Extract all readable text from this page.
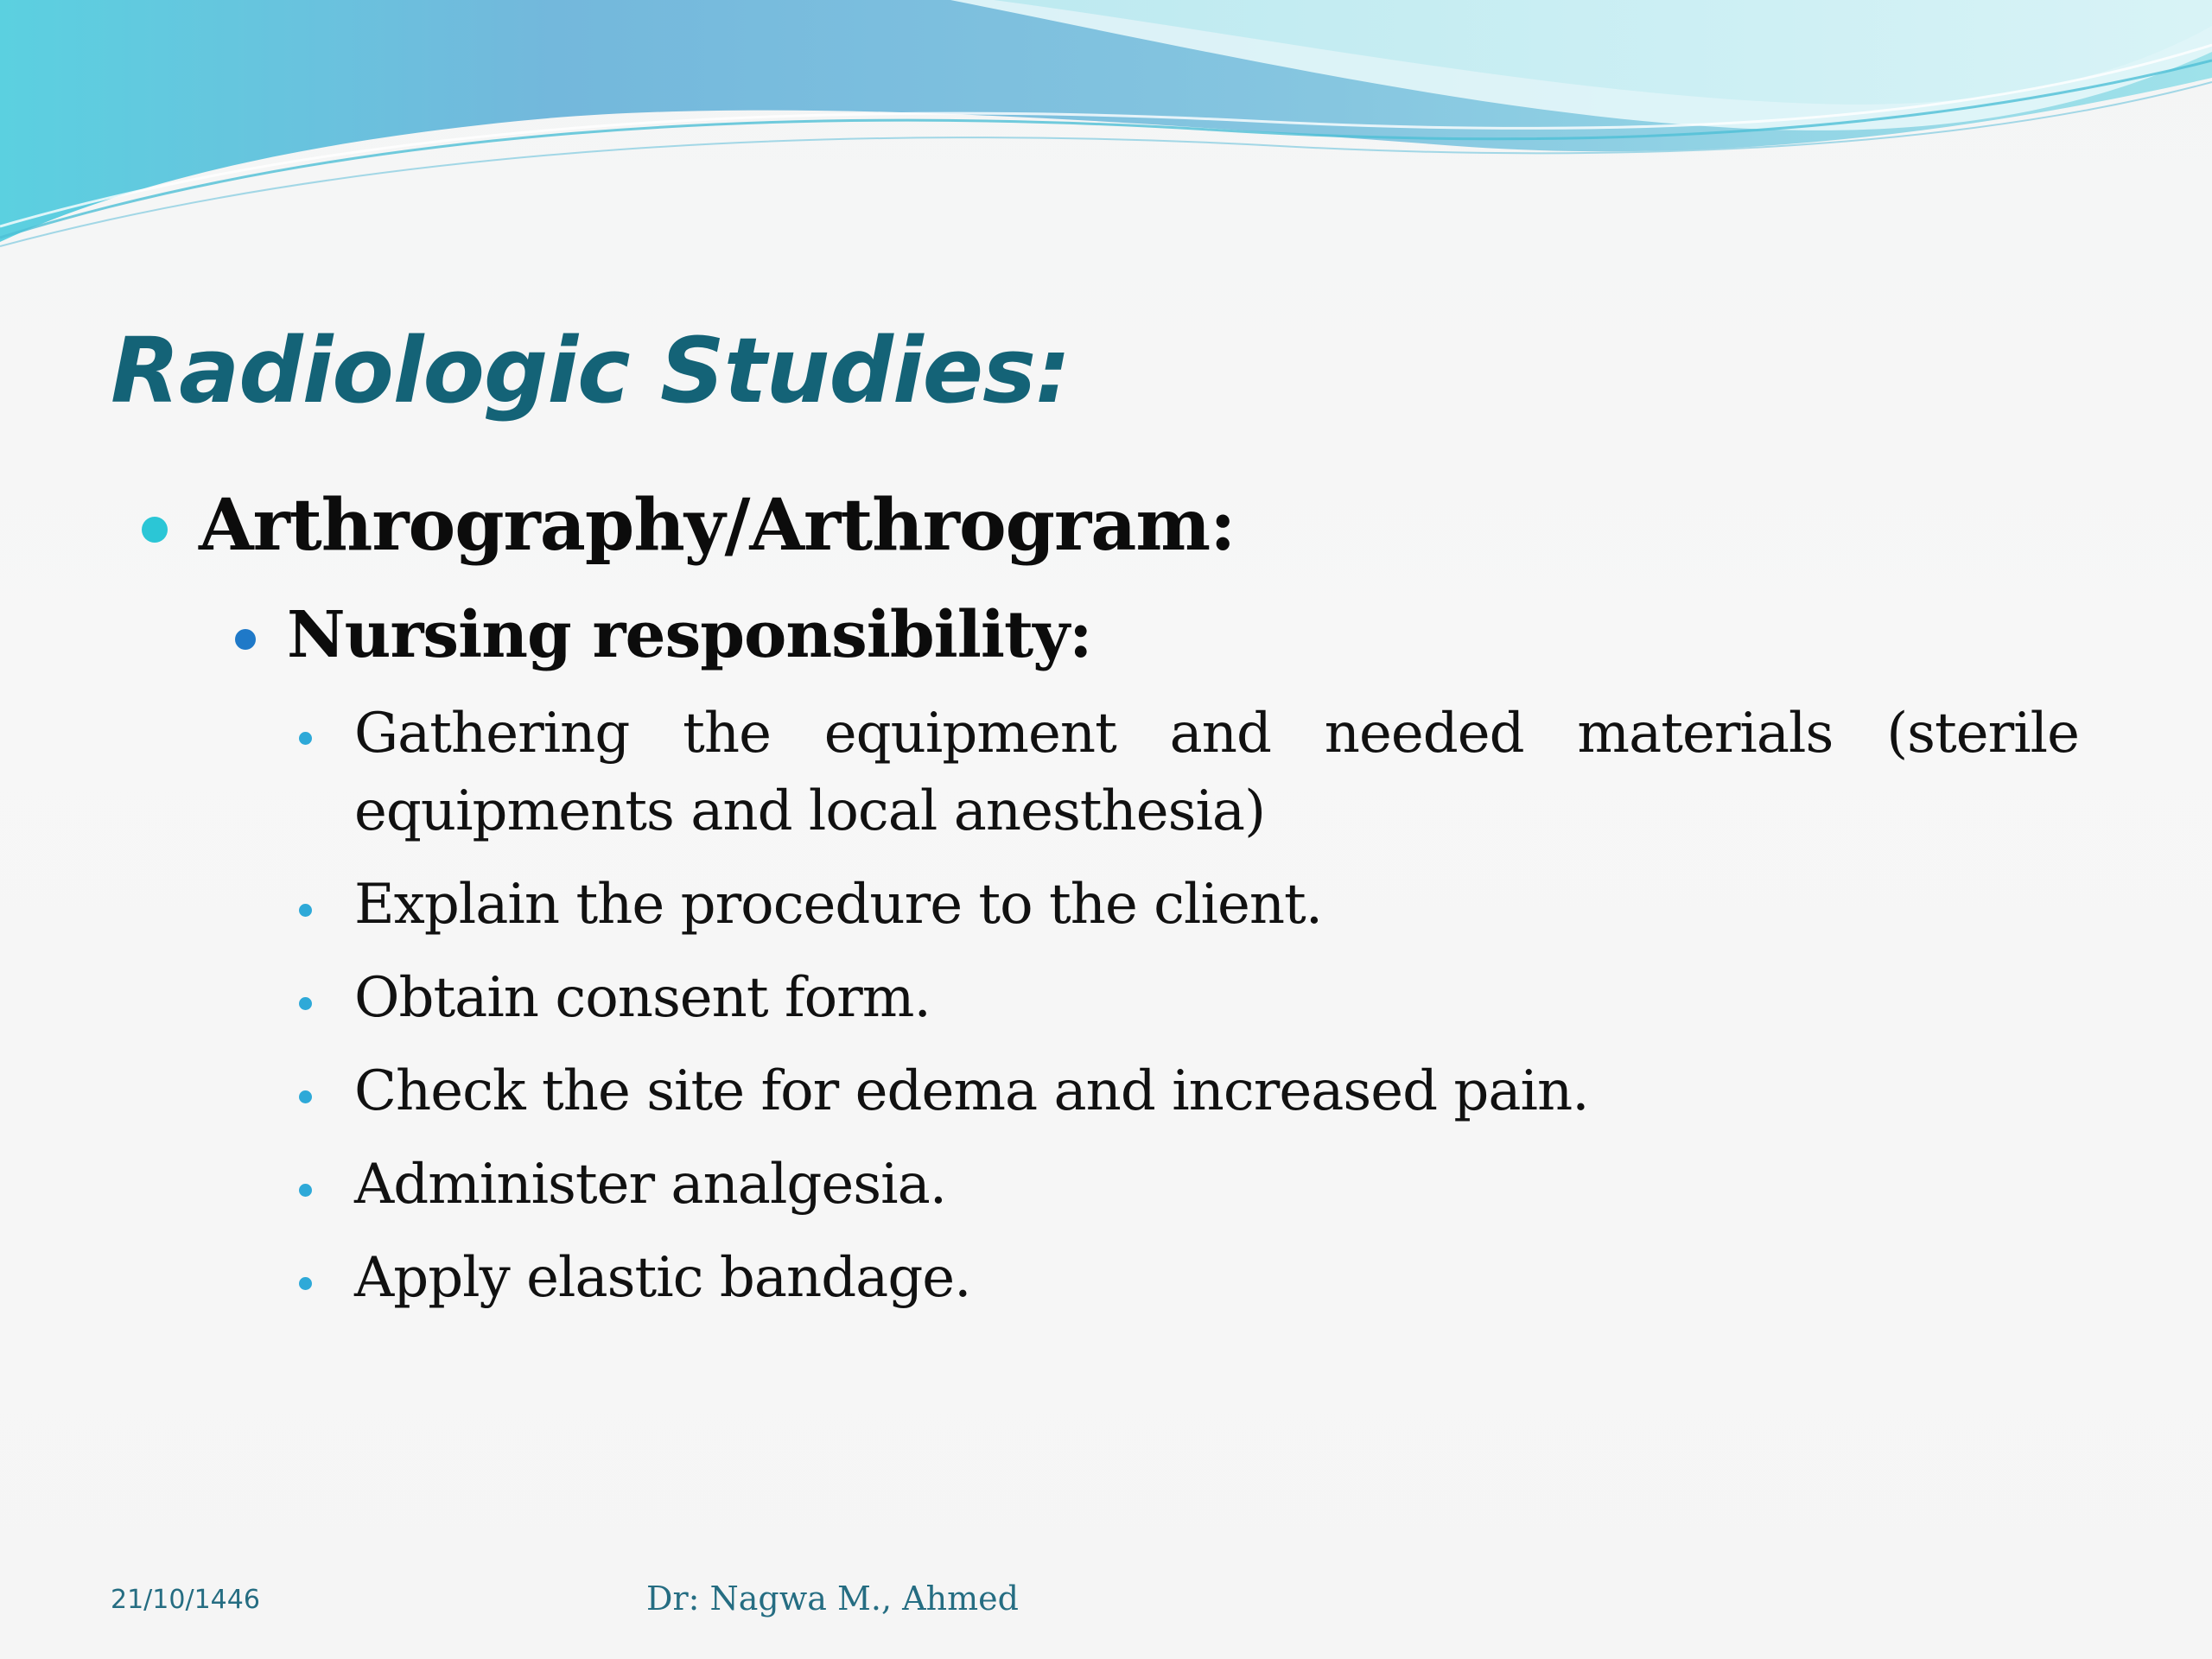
Radiologic Studies:
Arthrography/Arthrogram:
Nursing responsibility:
Gathering the equipment and needed materials (sterile
equipments and local anesthesia)
Explain the procedure to the client.
Obtain consent form.
Check the site for edema and increased pain.
Administer analgesia.
Apply elastic bandage.
21/10/1446	Dr: Nagwa M., Ahmed
